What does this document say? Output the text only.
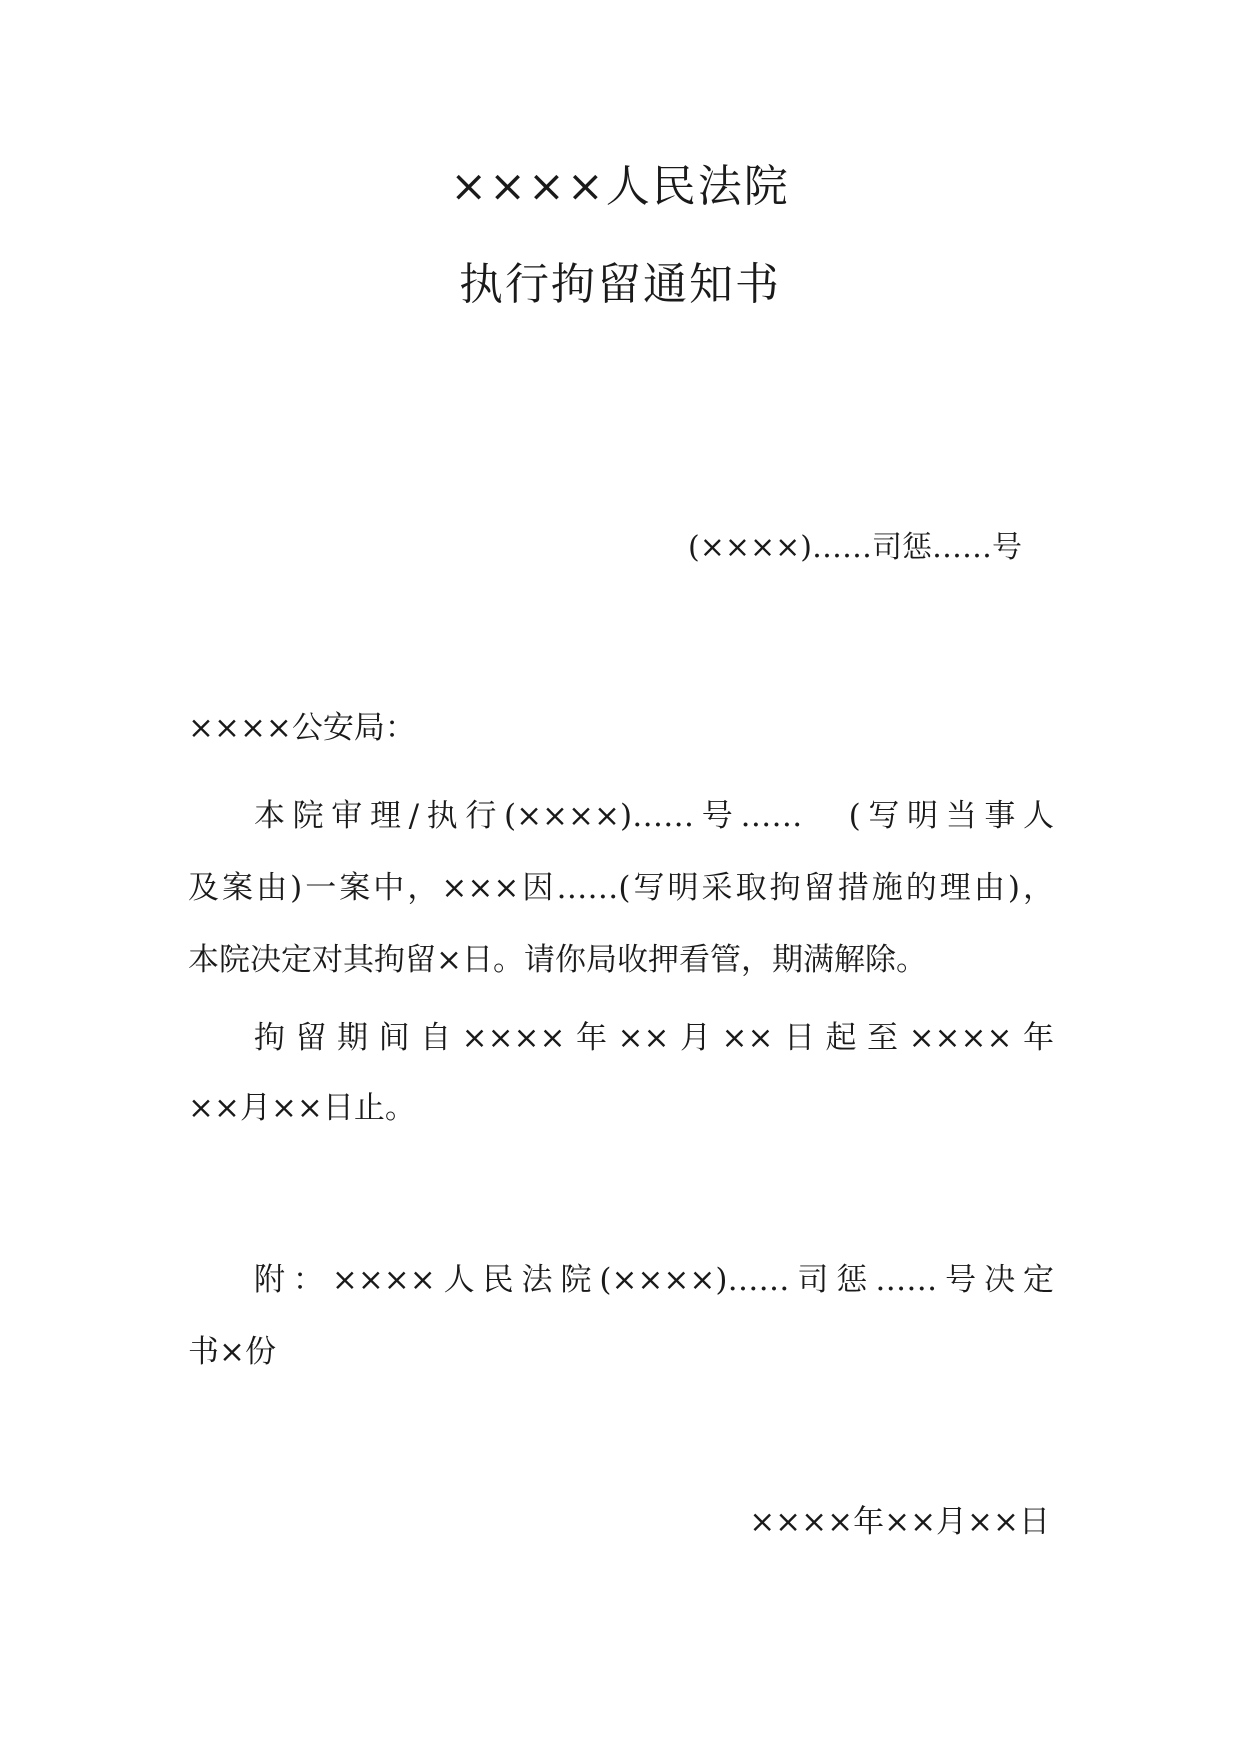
××××人民法院
执行拘留通知书
(××××)……司惩……号
××××公安局：
本院审理/执行(××××)……号……　(写明当事人
及案由)一案中，×××因……(写明采取拘留措施的理由)，
本院决定对其拘留×日。请你局收押看管，期满解除。
拘留期间自××××年××月××日起至××××年
××月××日止。
附：××××人民法院(××××)……司惩……号决定
书×份
××××年××月××日
